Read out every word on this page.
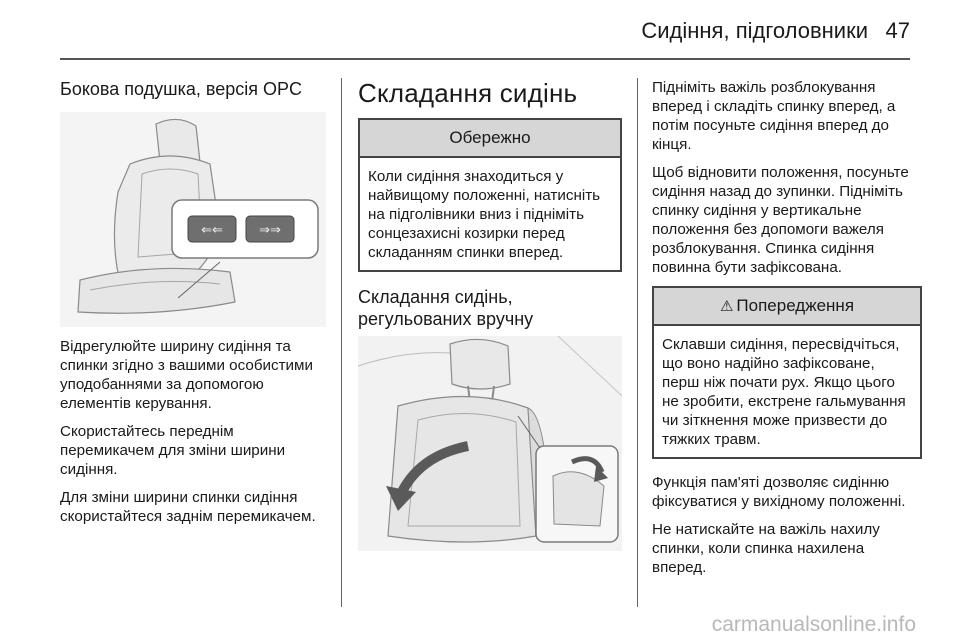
Сидіння, підголовники 47
Бокова подушка, версія OPC
⇐⇐	⇒⇒

Відрегулюйте ширину сидіння та спинки згідно з вашими особистими уподобаннями за допомогою елементів керування.

Скористайтесь переднім перемикачем для зміни ширини сидіння.

Для зміни ширини спинки сидіння скористайтеся заднім перемикачем.

Складання сидінь
Обережно
Коли сидіння знаходиться у найвищому положенні, натисніть на підголівники вниз і підніміть сонцезахисні козирки перед складанням спинки вперед.
Складання сидінь, регульованих вручну

Підніміть важіль розблокування вперед і складіть спинку вперед, а потім посуньте сидіння вперед до кінця.

Щоб відновити положення, посуньте сидіння назад до зупинки. Підніміть спинку сидіння у вертикальне положення без допомоги важеля розблокування. Спинка сидіння повинна бути зафіксована.

⚠ Попередження
Склавши сидіння, пересвідчіться, що воно надійно зафіксоване, перш ніж почати рух. Якщо цього не зробити, екстрене гальмування чи зіткнення може призвести до тяжких травм.

Функція пам'яті дозволяє сидінню фіксуватися у вихідному положенні.

Не натискайте на важіль нахилу спинки, коли спинка нахилена вперед.

carmanualsonline.info
